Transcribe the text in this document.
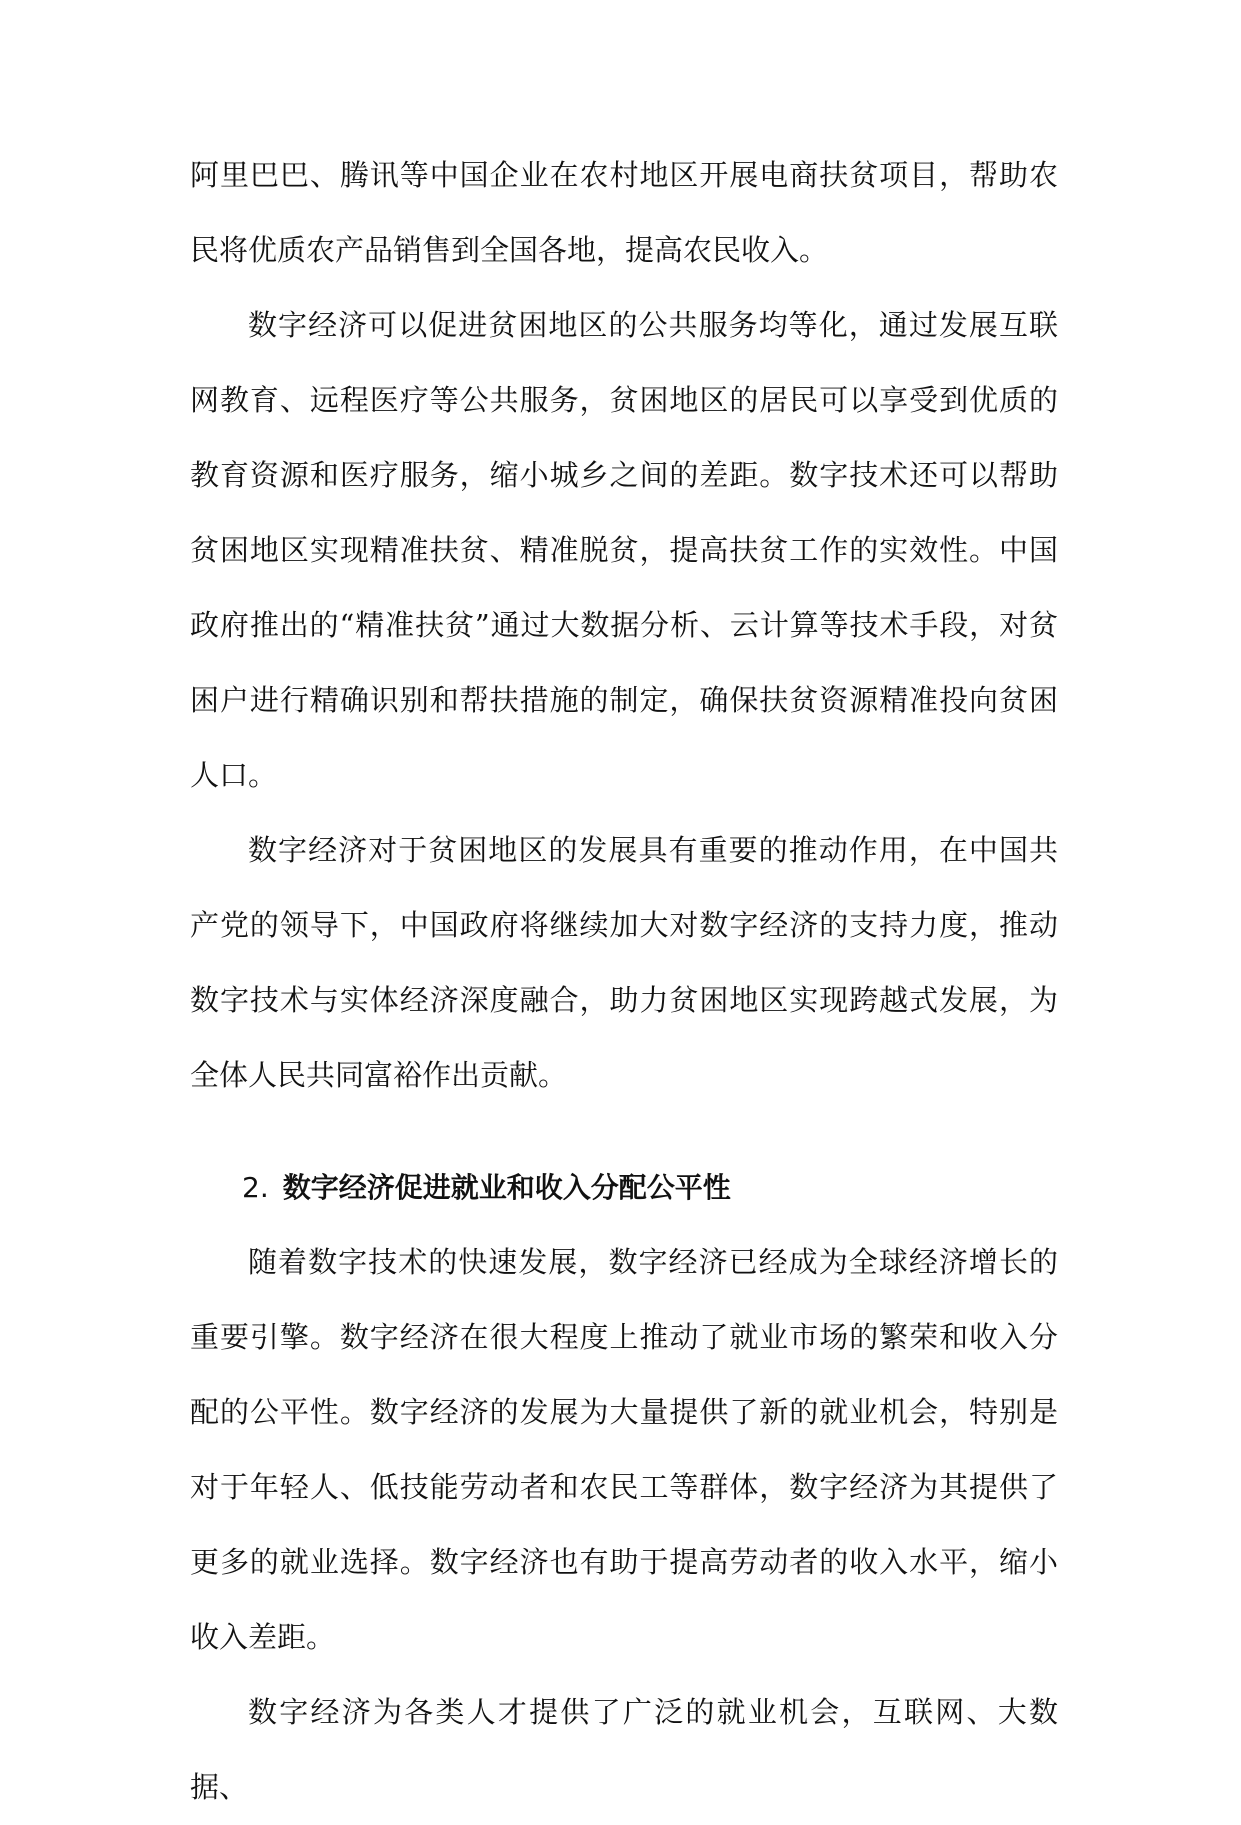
阿里巴巴、腾讯等中国企业在农村地区开展电商扶贫项目，帮助农民将优质农产品销售到全国各地，提高农民收入。

数字经济可以促进贫困地区的公共服务均等化，通过发展互联网教育、远程医疗等公共服务，贫困地区的居民可以享受到优质的教育资源和医疗服务，缩小城乡之间的差距。数字技术还可以帮助贫困地区实现精准扶贫、精准脱贫，提高扶贫工作的实效性。中国政府推出的“精准扶贫”通过大数据分析、云计算等技术手段，对贫困户进行精确识别和帮扶措施的制定，确保扶贫资源精准投向贫困人口。

数字经济对于贫困地区的发展具有重要的推动作用，在中国共产党的领导下，中国政府将继续加大对数字经济的支持力度，推动数字技术与实体经济深度融合，助力贫困地区实现跨越式发展，为全体人民共同富裕作出贡献。

2. 数字经济促进就业和收入分配公平性

随着数字技术的快速发展，数字经济已经成为全球经济增长的重要引擎。数字经济在很大程度上推动了就业市场的繁荣和收入分配的公平性。数字经济的发展为大量提供了新的就业机会，特别是对于年轻人、低技能劳动者和农民工等群体，数字经济为其提供了更多的就业选择。数字经济也有助于提高劳动者的收入水平，缩小收入差距。

数字经济为各类人才提供了广泛的就业机会，互联网、大数据、
